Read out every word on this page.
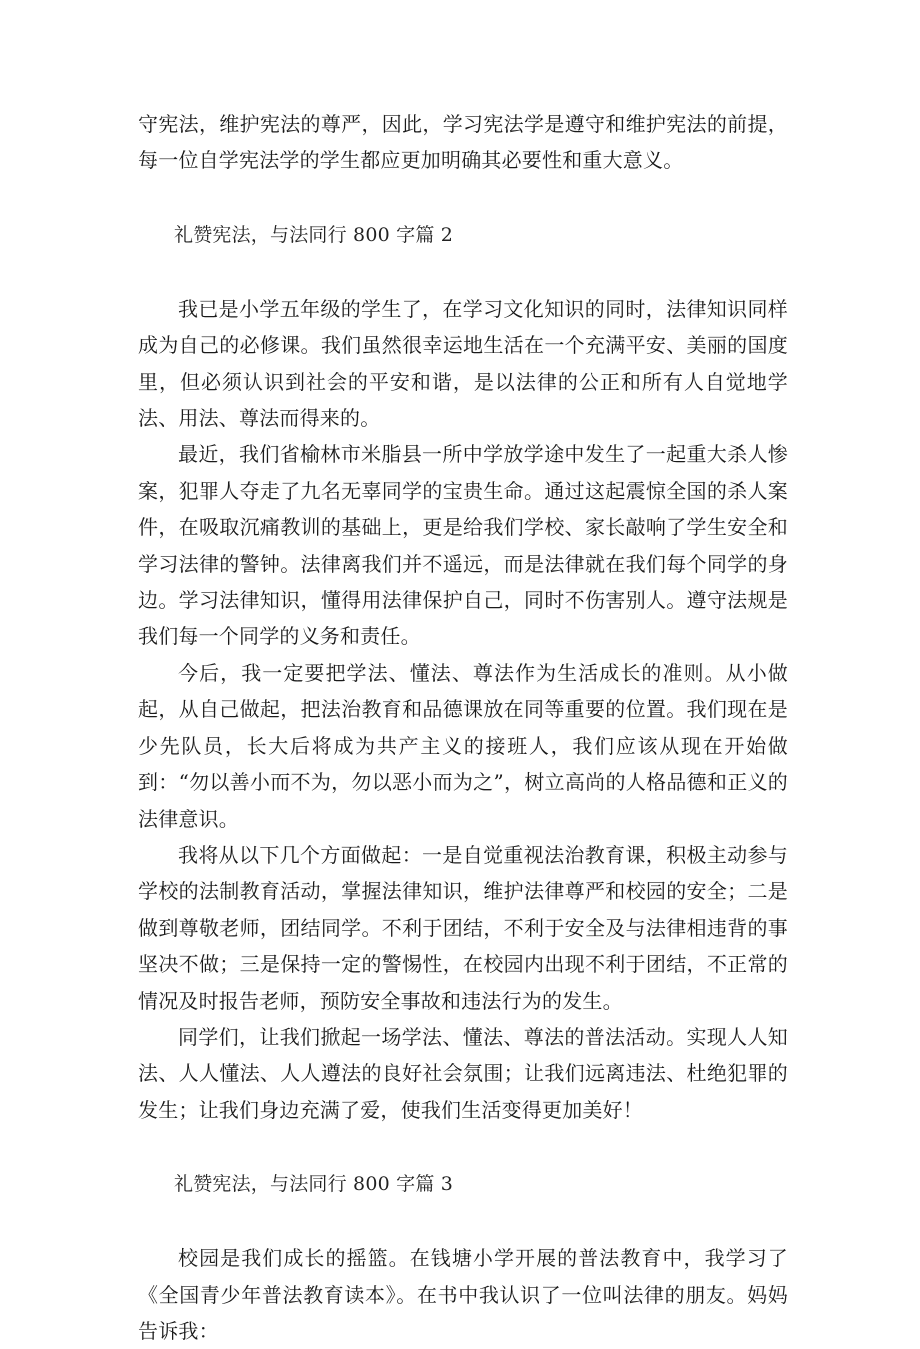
守宪法，维护宪法的尊严，因此，学习宪法学是遵守和维护宪法的前提，每一位自学宪法学的学生都应更加明确其必要性和重大意义。

礼赞宪法，与法同行 800 字篇 2

我已是小学五年级的学生了，在学习文化知识的同时，法律知识同样成为自己的必修课。我们虽然很幸运地生活在一个充满平安、美丽的国度里，但必须认识到社会的平安和谐，是以法律的公正和所有人自觉地学法、用法、尊法而得来的。

最近，我们省榆林市米脂县一所中学放学途中发生了一起重大杀人惨案，犯罪人夺走了九名无辜同学的宝贵生命。通过这起震惊全国的杀人案件，在吸取沉痛教训的基础上，更是给我们学校、家长敲响了学生安全和学习法律的警钟。法律离我们并不遥远，而是法律就在我们每个同学的身边。学习法律知识，懂得用法律保护自己，同时不伤害别人。遵守法规是我们每一个同学的义务和责任。

今后，我一定要把学法、懂法、尊法作为生活成长的准则。从小做起，从自己做起，把法治教育和品德课放在同等重要的位置。我们现在是少先队员，长大后将成为共产主义的接班人，我们应该从现在开始做到：“勿以善小而不为，勿以恶小而为之”，树立高尚的人格品德和正义的法律意识。

我将从以下几个方面做起：一是自觉重视法治教育课，积极主动参与学校的法制教育活动，掌握法律知识，维护法律尊严和校园的安全；二是做到尊敬老师，团结同学。不利于团结，不利于安全及与法律相违背的事坚决不做；三是保持一定的警惕性，在校园内出现不利于团结，不正常的情况及时报告老师，预防安全事故和违法行为的发生。

同学们，让我们掀起一场学法、懂法、尊法的普法活动。实现人人知法、人人懂法、人人遵法的良好社会氛围；让我们远离违法、杜绝犯罪的发生；让我们身边充满了爱，使我们生活变得更加美好！

礼赞宪法，与法同行 800 字篇 3

校园是我们成长的摇篮。在钱塘小学开展的普法教育中，我学习了《全国青少年普法教育读本》。在书中我认识了一位叫法律的朋友。妈妈告诉我：
